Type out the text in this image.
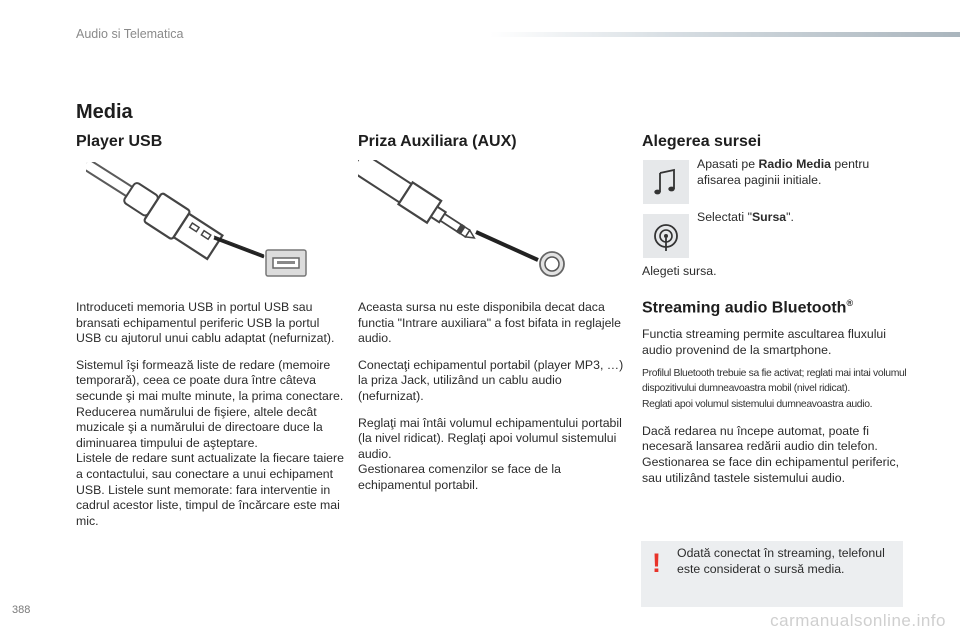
Audio si Telematica
Media
Player USB

Introduceti memoria USB in portul USB sau bransati echipamentul periferic USB la portul USB cu ajutorul unui cablu adaptat (nefurnizat).

Sistemul îşi formează liste de redare (memoire temporară), ceea ce poate dura între câteva secunde şi mai multe minute, la prima conectare.

Reducerea numărului de fişiere, altele decât muzicale şi a numărului de directoare duce la diminuarea timpului de aşteptare.

Listele de redare sunt actualizate la fiecare taiere a contactului, sau conectare a unui echipament USB. Listele sunt memorate: fara interventie in cadrul acestor liste, timpul de încărcare este mai mic.

Priza Auxiliara (AUX)

Aceasta sursa nu este disponibila decat daca functia "Intrare auxiliara" a fost bifata in reglajele audio.

Conectaţi echipamentul portabil (player MP3, …) la priza Jack, utilizând un cablu audio (nefurnizat).

Reglaţi mai întâi volumul echipamentului portabil (la nivel ridicat). Reglaţi apoi volumul sistemului audio.

Gestionarea comenzilor se face de la echipamentul portabil.

Alegerea sursei

Apasati pe Radio Media pentru afisarea paginii initiale.

Selectati "Sursa".

Alegeti sursa.

Streaming audio Bluetooth®

Functia streaming permite ascultarea fluxului audio provenind de la smartphone.

Profilul Bluetooth trebuie sa fie activat; reglati mai intai volumul dispozitivului dumneavoastra mobil (nivel ridicat).

Reglati apoi volumul sistemului dumneavoastra audio.

Dacă redarea nu începe automat, poate fi necesară lansarea redării audio din telefon.

Gestionarea se face din echipamentul periferic, sau utilizând tastele sistemului audio.

! Odată conectat în streaming, telefonul este considerat o sursă media.

388
carmanualsonline.info
